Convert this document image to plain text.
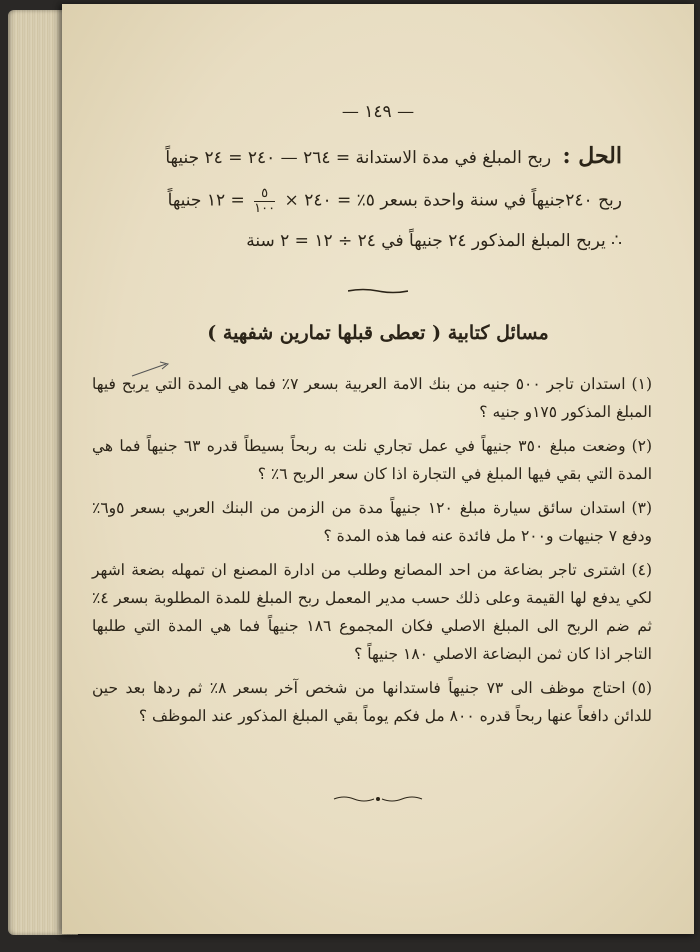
— ١٤٩ —
الحل : ربح المبلغ في مدة الاستدانة = ٢٦٤ — ٢٤٠ = ٢٤ جنيهاً
ربح ٢٤٠جنيهاً في سنة واحدة بسعر ٥٪ = ٢٤٠ ×
$\frac{٥}{١٠٠}$
= ١٢ جنيهاً
∴ يربح المبلغ المذكور ٢٤ جنيهاً في ٢٤ ÷ ١٢ = ٢ سنة
مسائل كتابية ( تعطى قبلها تمارين شفهية )
(١)استدان تاجر ٥٠٠ جنيه من بنك الامة العربية بسعر ٧٪ فما هي المدة التي يربح فيها المبلغ المذكور ١٧٥و جنيه ؟
(٢)وضعت مبلغ ٣٥٠ جنيهاً في عمل تجاري نلت به ربحاً بسيطاً قدره ٦٣ جنيهاً فما هي المدة التي بقي فيها المبلغ في التجارة اذا كان سعر الربح ٦٪ ؟
(٣)استدان سائق سيارة مبلغ ١٢٠ جنيهاً مدة من الزمن من البنك العربي بسعر ٥و٦٪ ودفع ٧ جنيهات و٢٠٠ مل فائدة عنه فما هذه المدة ؟
(٤)اشترى تاجر بضاعة من احد المصانع وطلب من ادارة المصنع ان تمهله بضعة اشهر لكي يدفع لها القيمة وعلى ذلك حسب مدير المعمل ربح المبلغ للمدة المطلوبة بسعر ٤٪ ثم ضم الربح الى المبلغ الاصلي فكان المجموع ١٨٦ جنيهاً فما هي المدة التي طلبها التاجر اذا كان ثمن البضاعة الاصلي ١٨٠ جنيهاً ؟
(٥)احتاج موظف الى ٧٣ جنيهاً فاستدانها من شخص آخر بسعر ٨٪ ثم ردها بعد حين للدائن دافعاً عنها ربحاً قدره ٨٠٠ مل فكم يوماً بقي المبلغ المذكور عند الموظف ؟
